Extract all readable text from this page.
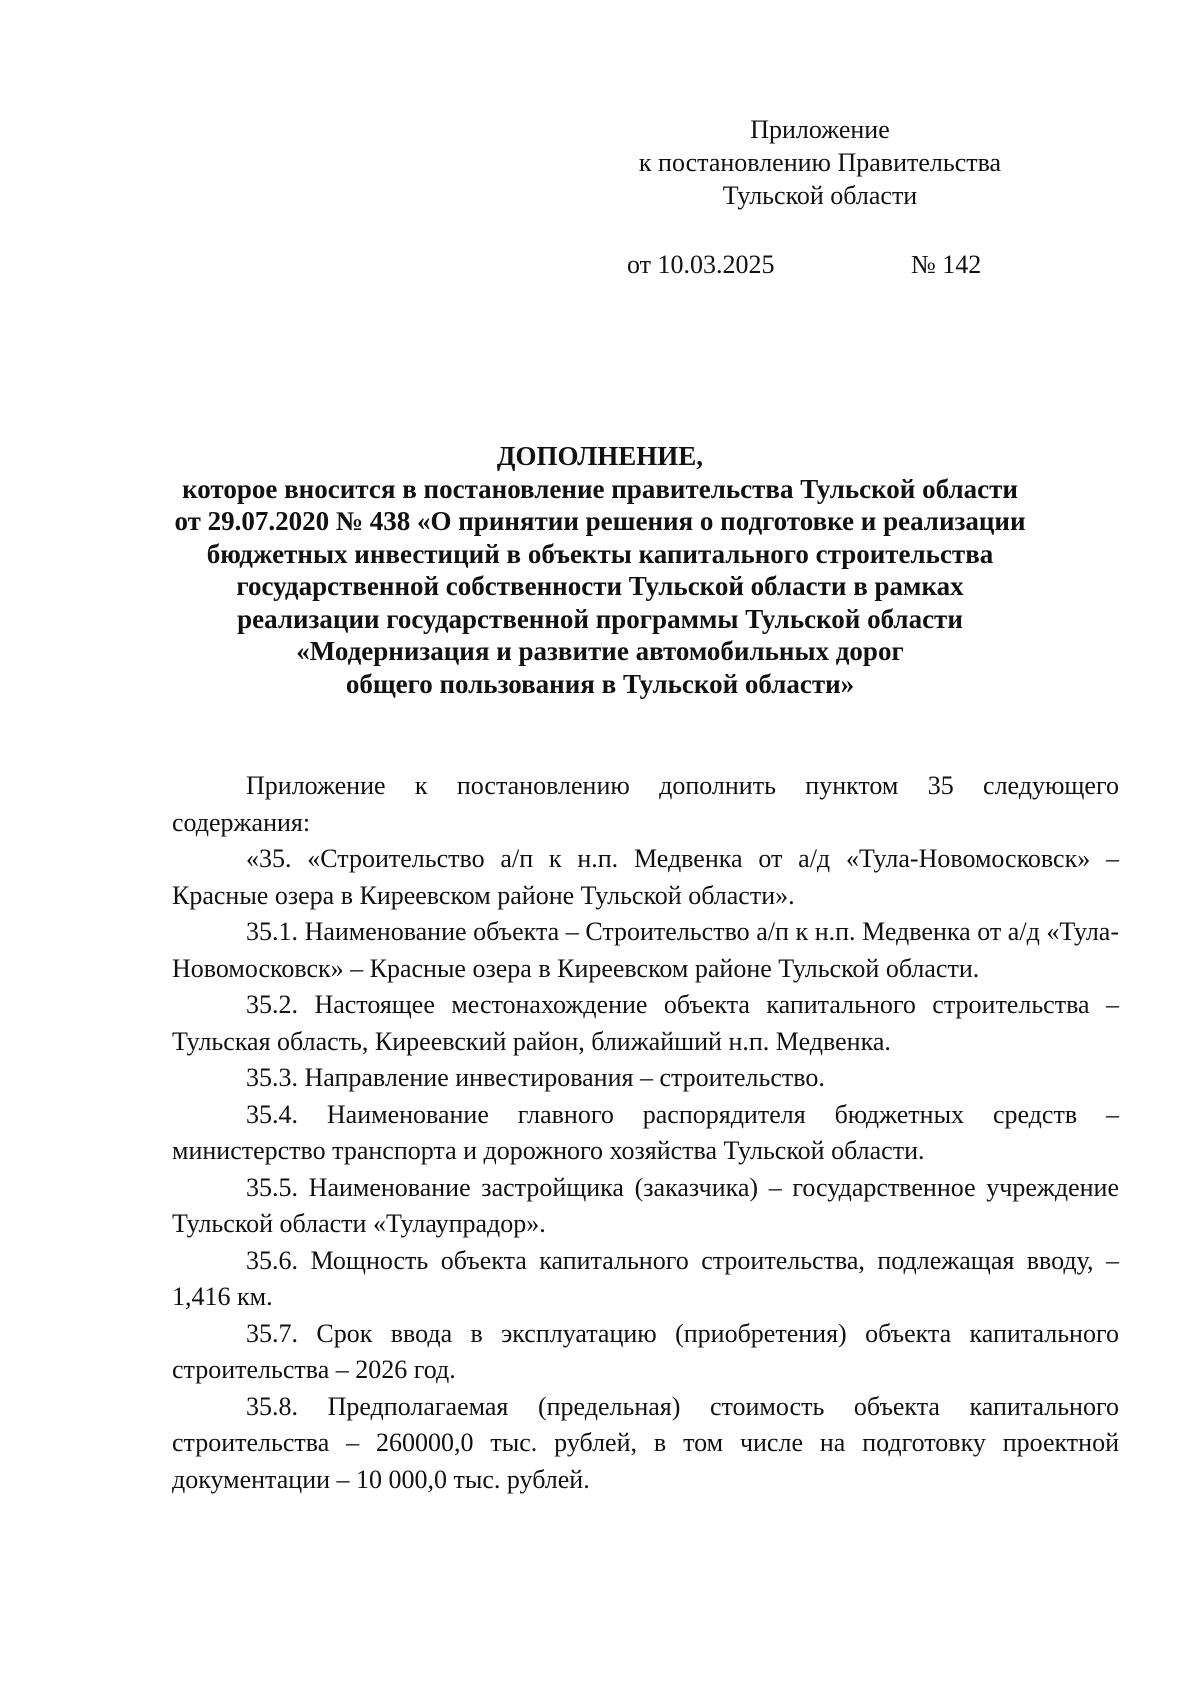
Приложение
к постановлению Правительства
Тульской области
от 10.03.2025	№ 142
ДОПОЛНЕНИЕ,
которое вносится в постановление правительства Тульской области
от 29.07.2020 № 438 «О принятии решения о подготовке и реализации
бюджетных инвестиций в объекты капитального строительства
государственной собственности Тульской области в рамках
реализации государственной программы Тульской области
«Модернизация и развитие автомобильных дорог
общего пользования в Тульской области»

Приложение к постановлению дополнить пунктом 35 следующего содержания:

«35. «Строительство а/п к н.п. Медвенка от а/д «Тула-Новомосковск» – Красные озера в Киреевском районе Тульской области».

35.1. Наименование объекта – Строительство а/п к н.п. Медвенка от а/д «Тула-Новомосковск» – Красные озера в Киреевском районе Тульской области.

35.2. Настоящее местонахождение объекта капитального строительства – Тульская область, Киреевский район, ближайший н.п. Медвенка.

35.3. Направление инвестирования – строительство.

35.4. Наименование главного распорядителя бюджетных средств – министерство транспорта и дорожного хозяйства Тульской области.

35.5. Наименование застройщика (заказчика) – государственное учреждение Тульской области «Тулаупрадор».

35.6. Мощность объекта капитального строительства, подлежащая вводу, – 1,416 км.

35.7. Срок ввода в эксплуатацию (приобретения) объекта капитального строительства – 2026 год.

35.8. Предполагаемая (предельная) стоимость объекта капитального строительства – 260000,0 тыс. рублей, в том числе на подготовку проектной документации – 10 000,0 тыс. рублей.
